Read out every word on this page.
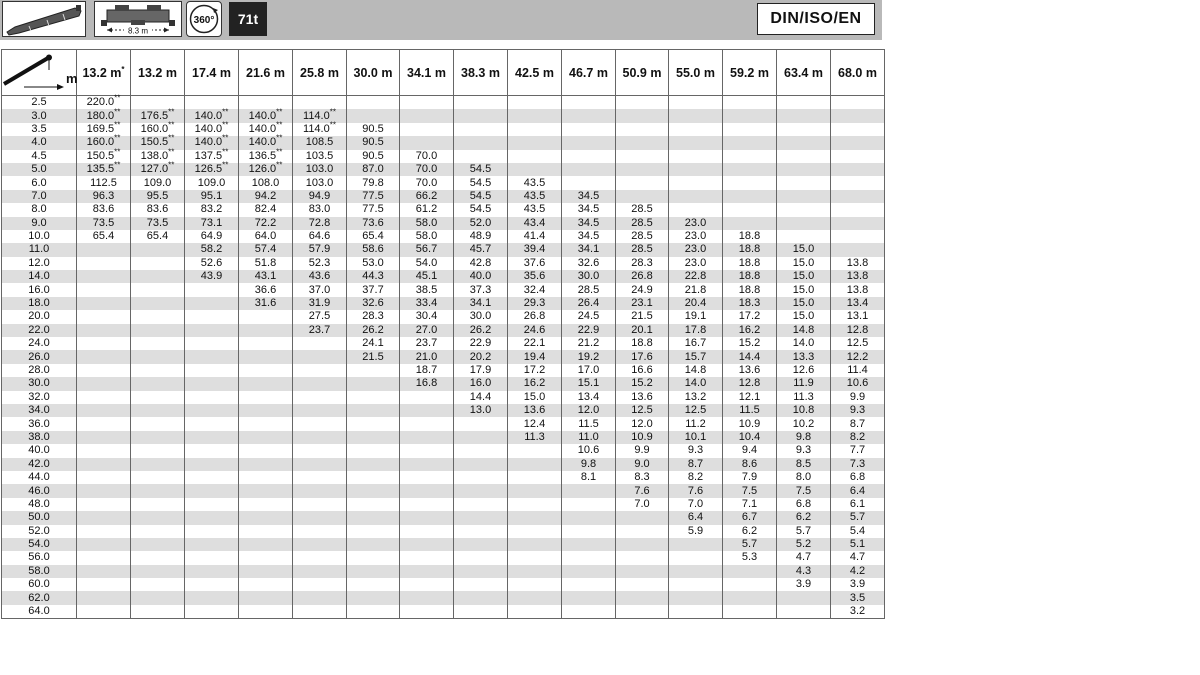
8.3 m
360°	71t	DIN/ISO/EN
m	13.2 m*	13.2 m	17.4 m	21.6 m	25.8 m	30.0 m	34.1 m	38.3 m	42.5 m	46.7 m	50.9 m	55.0 m	59.2 m	63.4 m	68.0 m
2.5	220.0**														
3.0	180.0**	176.5**	140.0**	140.0**	114.0**										
3.5	169.5**	160.0**	140.0**	140.0**	114.0**	90.5									
4.0	160.0**	150.5**	140.0**	140.0**	108.5	90.5									
4.5	150.5**	138.0**	137.5**	136.5**	103.5	90.5	70.0								
5.0	135.5**	127.0**	126.5**	126.0**	103.0	87.0	70.0	54.5							
6.0	112.5	109.0	109.0	108.0	103.0	79.8	70.0	54.5	43.5						
7.0	96.3	95.5	95.1	94.2	94.9	77.5	66.2	54.5	43.5	34.5					
8.0	83.6	83.6	83.2	82.4	83.0	77.5	61.2	54.5	43.5	34.5	28.5				
9.0	73.5	73.5	73.1	72.2	72.8	73.6	58.0	52.0	43.4	34.5	28.5	23.0			
10.0	65.4	65.4	64.9	64.0	64.6	65.4	58.0	48.9	41.4	34.5	28.5	23.0	18.8		
11.0			58.2	57.4	57.9	58.6	56.7	45.7	39.4	34.1	28.5	23.0	18.8	15.0	
12.0			52.6	51.8	52.3	53.0	54.0	42.8	37.6	32.6	28.3	23.0	18.8	15.0	13.8
14.0			43.9	43.1	43.6	44.3	45.1	40.0	35.6	30.0	26.8	22.8	18.8	15.0	13.8
16.0				36.6	37.0	37.7	38.5	37.3	32.4	28.5	24.9	21.8	18.8	15.0	13.8
18.0				31.6	31.9	32.6	33.4	34.1	29.3	26.4	23.1	20.4	18.3	15.0	13.4
20.0					27.5	28.3	30.4	30.0	26.8	24.5	21.5	19.1	17.2	15.0	13.1
22.0					23.7	26.2	27.0	26.2	24.6	22.9	20.1	17.8	16.2	14.8	12.8
24.0						24.1	23.7	22.9	22.1	21.2	18.8	16.7	15.2	14.0	12.5
26.0						21.5	21.0	20.2	19.4	19.2	17.6	15.7	14.4	13.3	12.2
28.0							18.7	17.9	17.2	17.0	16.6	14.8	13.6	12.6	11.4
30.0							16.8	16.0	16.2	15.1	15.2	14.0	12.8	11.9	10.6
32.0								14.4	15.0	13.4	13.6	13.2	12.1	11.3	9.9
34.0								13.0	13.6	12.0	12.5	12.5	11.5	10.8	9.3
36.0									12.4	11.5	12.0	11.2	10.9	10.2	8.7
38.0									11.3	11.0	10.9	10.1	10.4	9.8	8.2
40.0										10.6	9.9	9.3	9.4	9.3	7.7
42.0										9.8	9.0	8.7	8.6	8.5	7.3
44.0										8.1	8.3	8.2	7.9	8.0	6.8
46.0											7.6	7.6	7.5	7.5	6.4
48.0											7.0	7.0	7.1	6.8	6.1
50.0												6.4	6.7	6.2	5.7
52.0												5.9	6.2	5.7	5.4
54.0													5.7	5.2	5.1
56.0													5.3	4.7	4.7
58.0														4.3	4.2
60.0														3.9	3.9
62.0															3.5
64.0															3.2
